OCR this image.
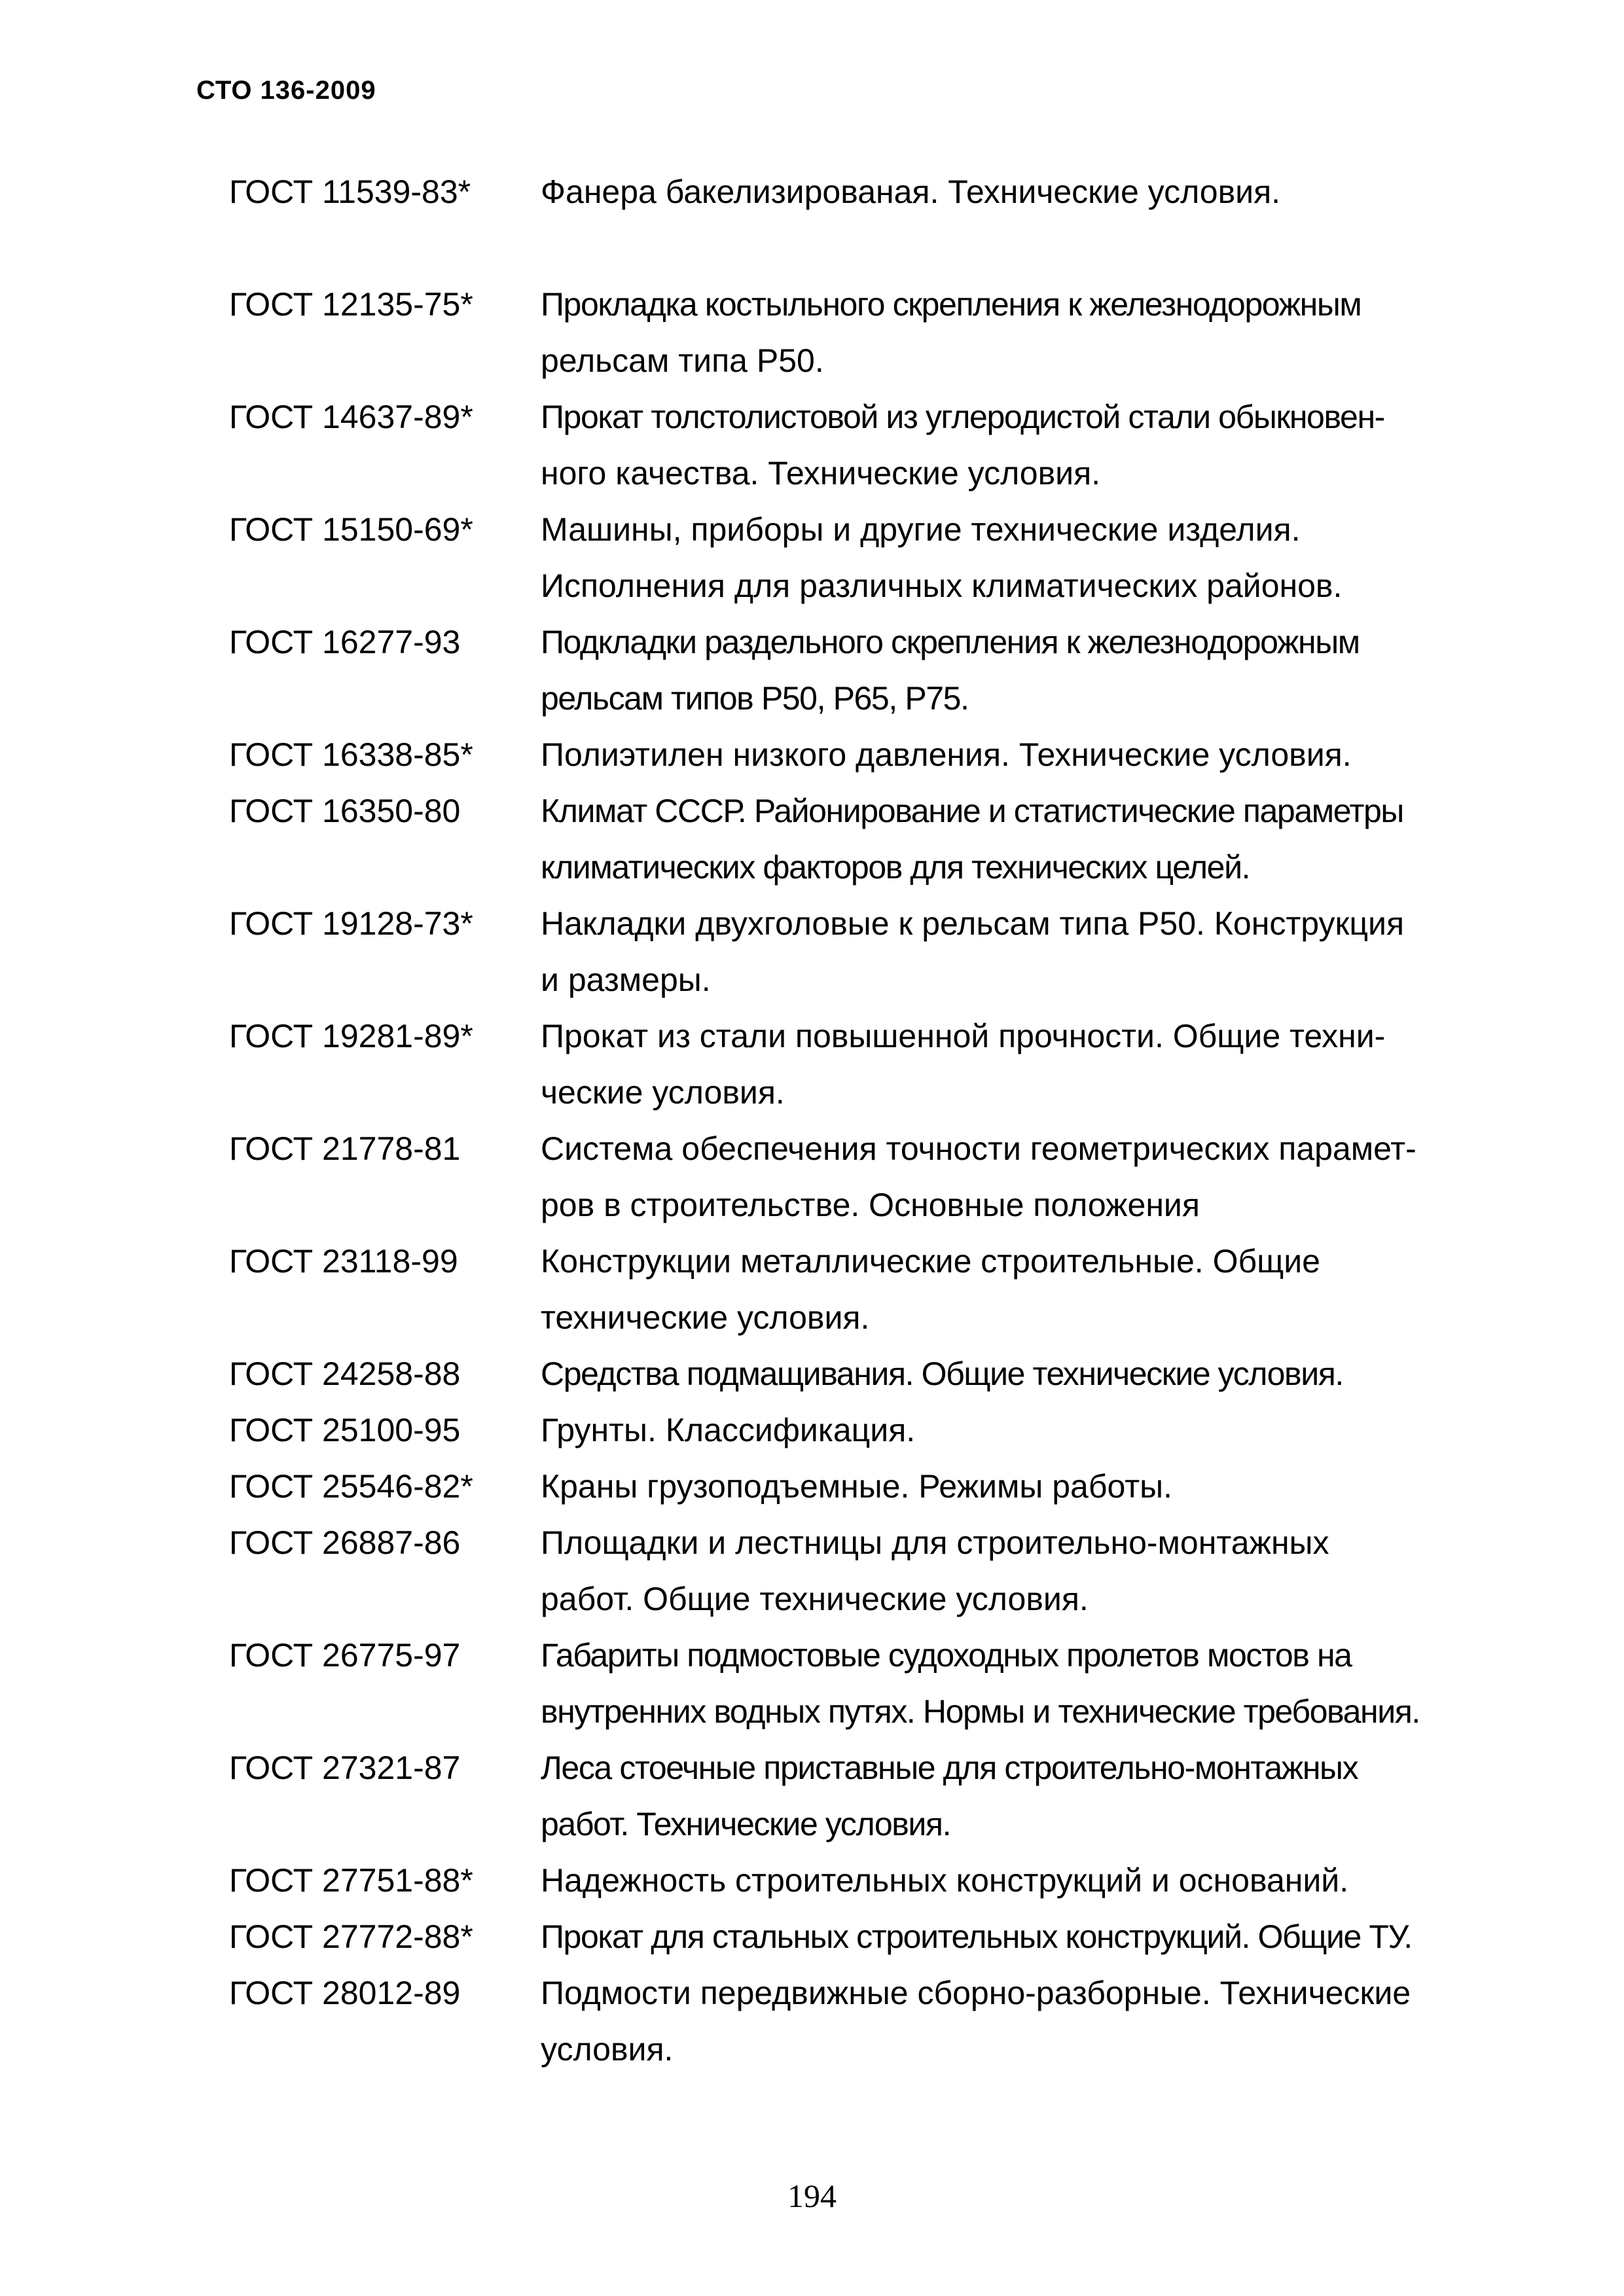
СТО 136-2009
ГОСТ 11539-83*	Фанера бакелизированая. Технические условия.
ГОСТ 12135-75*	Прокладка костыльного скрепления к железнодорожным
рельсам типа Р50.
ГОСТ 14637-89*	Прокат толстолистовой из углеродистой стали обыкновен-
ного качества. Технические условия.
ГОСТ 15150-69*	Машины, приборы и другие технические изделия.
Исполнения для различных климатических районов.
ГОСТ 16277-93	Подкладки раздельного скрепления к железнодорожным
рельсам типов Р50, Р65, Р75.
ГОСТ 16338-85*	Полиэтилен низкого давления. Технические условия.
ГОСТ 16350-80	Климат СССР. Районирование и статистические параметры
климатических факторов для технических целей.
ГОСТ 19128-73*	Накладки двухголовые к рельсам типа Р50. Конструкция
и размеры.
ГОСТ 19281-89*	Прокат из стали повышенной прочности. Общие техни-
ческие условия.
ГОСТ 21778-81	Система обеспечения точности геометрических парамет-
ров в строительстве. Основные положения
ГОСТ 23118-99	Конструкции металлические строительные. Общие
технические условия.
ГОСТ 24258-88	Средства подмащивания. Общие технические условия.
ГОСТ 25100-95	Грунты. Классификация.
ГОСТ 25546-82*	Краны грузоподъемные. Режимы работы.
ГОСТ 26887-86	Площадки и лестницы для строительно-монтажных
работ. Общие технические условия.
ГОСТ 26775-97	Габариты подмостовые судоходных пролетов мостов на
внутренних водных путях. Нормы и технические требования.
ГОСТ 27321-87	Леса стоечные приставные для строительно-монтажных
работ. Технические условия.
ГОСТ 27751-88*	Надежность строительных конструкций и оснований.
ГОСТ 27772-88*	Прокат для стальных строительных конструкций. Общие ТУ.
ГОСТ 28012-89	Подмости передвижные сборно-разборные. Технические
условия.
194
